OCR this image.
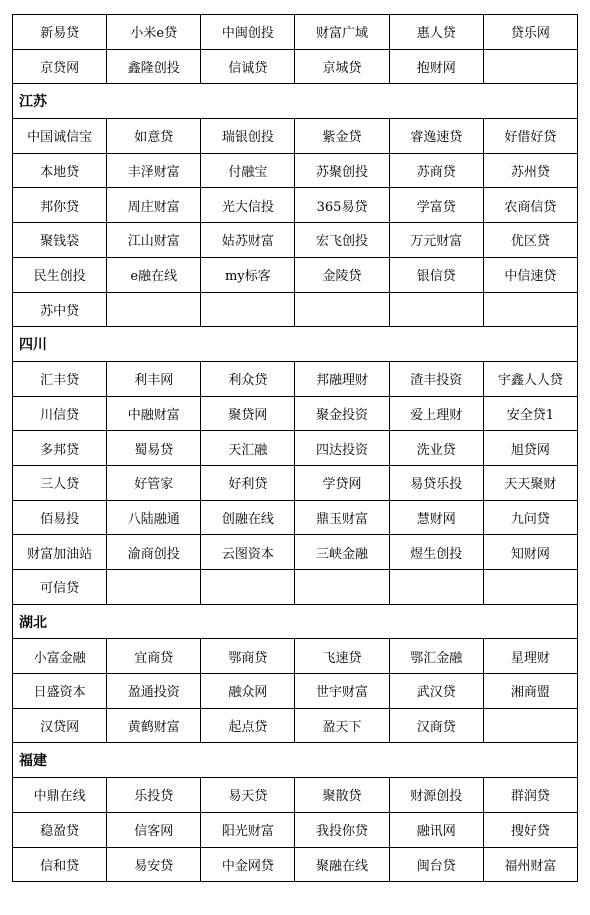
新易贷	小米e贷	中闽创投	财富广域	惠人贷	贷乐网
京贷网	鑫隆创投	信诚贷	京城贷	抱财网	
江苏					
中国诚信宝	如意贷	瑞银创投	紫金贷	睿逸速贷	好借好贷
本地贷	丰泽财富	付融宝	苏聚创投	苏商贷	苏州贷
邦你贷	周庄财富	光大信投	365易贷	学富贷	农商信贷
聚钱袋	江山财富	姑苏财富	宏飞创投	万元财富	优区贷
民生创投	e融在线	my标客	金陵贷	银信贷	中信速贷
苏中贷					
四川					
汇丰贷	利丰网	利众贷	邦融理财	渣丰投资	宇鑫人人贷
川信贷	中融财富	聚贷网	聚金投资	爱上理财	安全贷1
多邦贷	蜀易贷	天汇融	四达投资	洗业贷	旭贷网
三人贷	好管家	好利贷	学贷网	易贷乐投	天天聚财
佰易投	八陆融通	创融在线	鼎玉财富	慧财网	九问贷
财富加油站	渝商创投	云图资本	三峡金融	煜生创投	知财网
可信贷					
湖北					
小富金融	宜商贷	鄂商贷	飞速贷	鄂汇金融	星理财
日盛资本	盈通投资	融众网	世宇财富	武汉贷	湘商盟
汉贷网	黄鹤财富	起点贷	盈天下	汉商贷	
福建					
中鼎在线	乐投贷	易天贷	聚散贷	财源创投	群润贷
稳盈贷	信客网	阳光财富	我投你贷	融讯网	搜好贷
信和贷	易安贷	中金网贷	聚融在线	闽台贷	福州财富
